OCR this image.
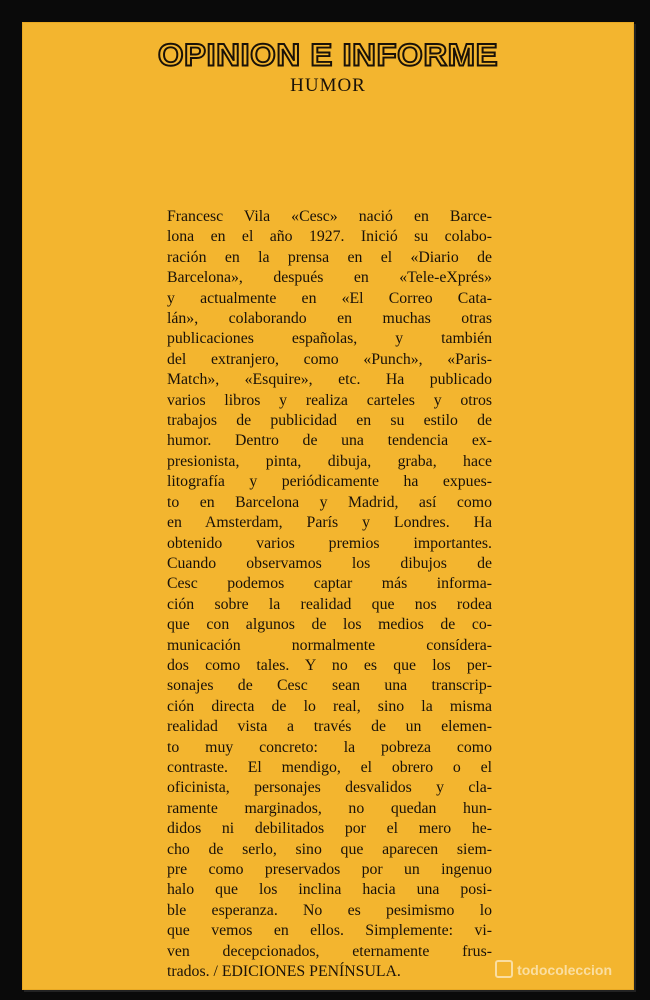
OPINION E INFORME
HUMOR

Francesc Vila «Cesc» nació en Barce-
lona en el año 1927. Inició su colabo-
ración en la prensa en el «Diario de
Barcelona», después en «Tele-eXprés»
y actualmente en «El Correo Cata-
lán», colaborando en muchas otras
publicaciones españolas, y también
del extranjero, como «Punch», «Paris-
Match», «Esquire», etc. Ha publicado
varios libros y realiza carteles y otros
trabajos de publicidad en su estilo de
humor. Dentro de una tendencia ex-
presionista, pinta, dibuja, graba, hace
litografía y periódicamente ha expues-
to en Barcelona y Madrid, así como
en Amsterdam, París y Londres. Ha
obtenido varios premios importantes.
Cuando observamos los dibujos de
Cesc podemos captar más informa-
ción sobre la realidad que nos rodea
que con algunos de los medios de co-
municación normalmente consídera-
dos como tales. Y no es que los per-
sonajes de Cesc sean una transcrip-
ción directa de lo real, sino la misma
realidad vista a través de un elemen-
to muy concreto: la pobreza como
contraste. El mendigo, el obrero o el
oficinista, personajes desvalidos y cla-
ramente marginados, no quedan hun-
didos ni debilitados por el mero he-
cho de serlo, sino que aparecen siem-
pre como preservados por un ingenuo
halo que los inclina hacia una posi-
ble esperanza. No es pesimismo lo
que vemos en ellos. Simplemente: vi-
ven decepcionados, eternamente frus-
trados. / EDICIONES PENÍNSULA.	todocoleccion
